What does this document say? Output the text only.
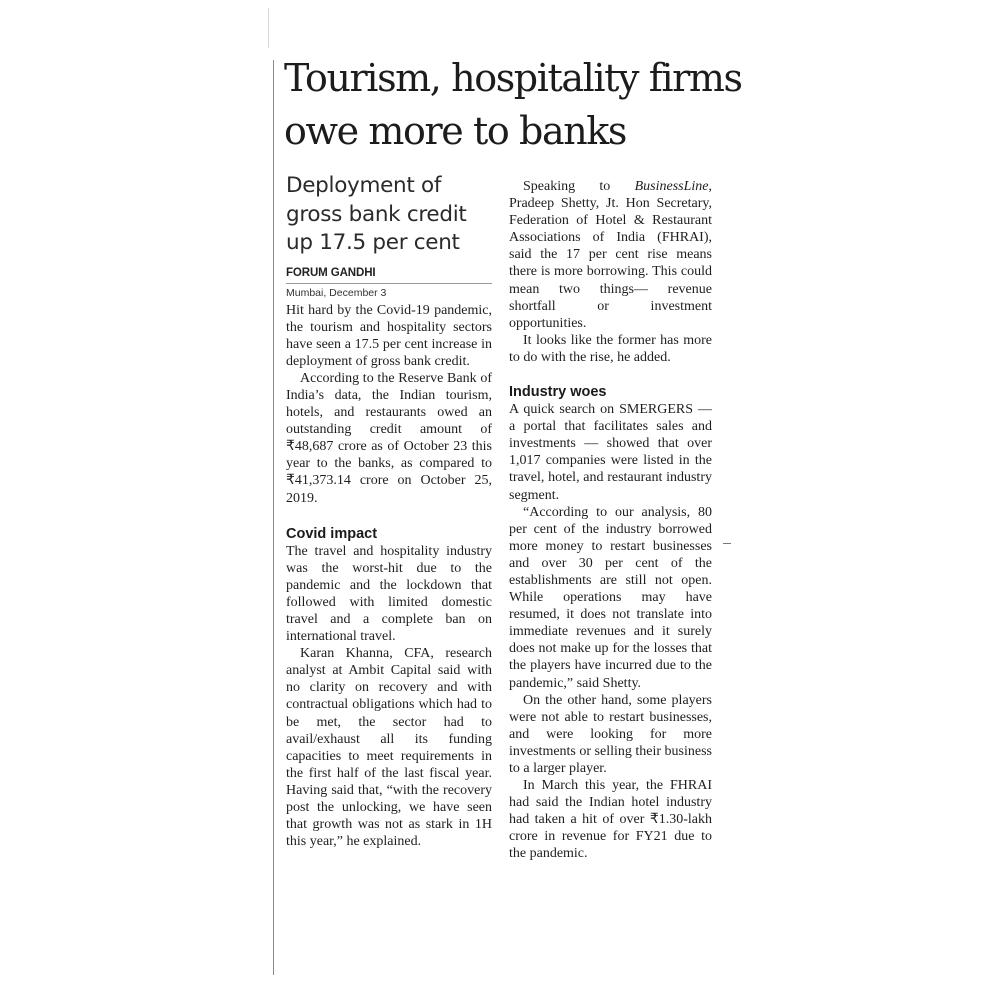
Tourism, hospitality firms owe more to banks
Deployment of gross bank credit up 17.5 per cent
FORUM GANDHI
Mumbai, December 3

Hit hard by the Covid-19 pandemic, the tourism and hospitality sectors have seen a 17.5 per cent increase in deployment of gross bank credit.

According to the Reserve Bank of India’s data, the Indian tourism, hotels, and restaurants owed an outstanding credit amount of ₹48,687 crore as of October 23 this year to the banks, as compared to ₹41,373.14 crore on October 25, 2019.

Covid impact

The travel and hospitality industry was the worst-hit due to the pandemic and the lockdown that followed with limited domestic travel and a complete ban on international travel.

Karan Khanna, CFA, research analyst at Ambit Capital said with no clarity on recovery and with contractual obligations which had to be met, the sector had to avail/exhaust all its funding capacities to meet requirements in the first half of the last fiscal year. Having said that, “with the recovery post the unlocking, we have seen that growth was not as stark in 1H this year,” he explained.

Speaking to BusinessLine, Pradeep Shetty, Jt. Hon Secretary, Federation of Hotel & Restaurant Associations of India (FHRAI), said the 17 per cent rise means there is more borrowing. This could mean two things— revenue shortfall or investment opportunities.

It looks like the former has more to do with the rise, he added.

Industry woes

A quick search on SMERGERS — a portal that facilitates sales and investments — showed that over 1,017 companies were listed in the travel, hotel, and restaurant industry segment.

“According to our analysis, 80 per cent of the industry borrowed more money to restart businesses and over 30 per cent of the establishments are still not open. While operations may have resumed, it does not translate into immediate revenues and it surely does not make up for the losses that the players have incurred due to the pandemic,” said Shetty.

On the other hand, some players were not able to restart businesses, and were looking for more investments or selling their business to a larger player.

In March this year, the FHRAI had said the Indian hotel industry had taken a hit of over ₹1.30-lakh crore in revenue for FY21 due to the pandemic.
